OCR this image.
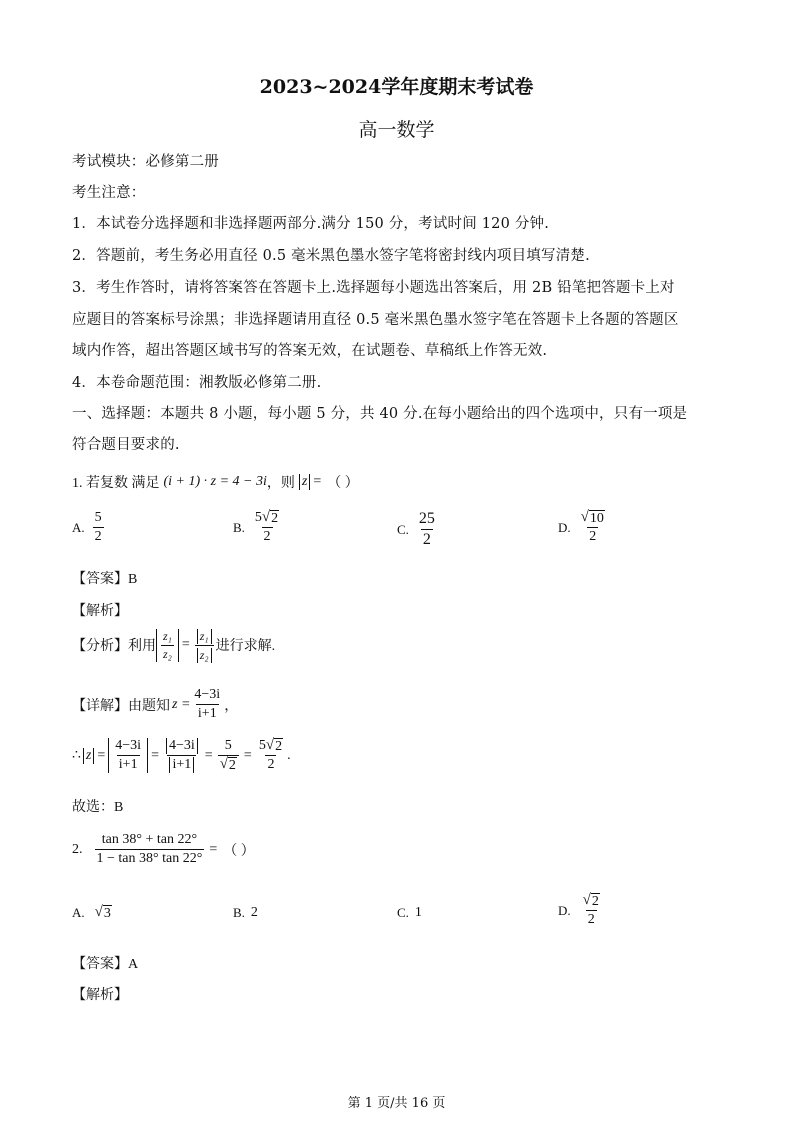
2023~2024学年度期末考试卷
高一数学
考试模块：必修第二册
考生注意：
1．本试卷分选择题和非选择题两部分.满分 150 分，考试时间 120 分钟.
2．答题前，考生务必用直径 0.5 毫米黑色墨水签字笔将密封线内项目填写清楚.
3．考生作答时，请将答案答在答题卡上.选择题每小题选出答案后，用 2B 铅笔把答题卡上对
应题目的答案标号涂黑；非选择题请用直径 0.5 毫米黑色墨水签字笔在答题卡上各题的答题区
域内作答，超出答题区域书写的答案无效，在试题卷、草稿纸上作答无效.
4．本卷命题范围：湘教版必修第二册.
一、选择题：本题共 8 小题，每小题 5 分，共 40 分.在每小题给出的四个选项中，只有一项是
符合题目要求的.
1. 若复数 满足 (i + 1) · z = 4 − 3i ，则 z = （ ）
A. $\frac{5}{2}$	B. $\frac{5 √ 2}{2}$	C. $\frac{25}{2}$	D. $\frac{√ 10}{2}$
【答案】B
【解析】
【分析】利用 $\frac{\text{z₁}}{\text{z₂}} = \frac{\text{z₁}}{\text{z₂}}$ 进行求解.
【详解】由题知 $z = \frac{4-3i}{i+1}$ ，
∴ $z = \frac{4-3i}{i+1} = \frac{4-3i}{i+1} = \frac{5}{√ 2} = \frac{5 √ 2}{2}$ .
故选：B
2. $\frac{\tan 38^\circ + \tan 22^\circ}{1 - \tan 38^\circ \tan 22^\circ}$ = （ ）
A. √ 3	B. 2	C. 1	D. $\frac{√ 2}{2}$
【答案】A
【解析】
第 1 页/共 16 页
